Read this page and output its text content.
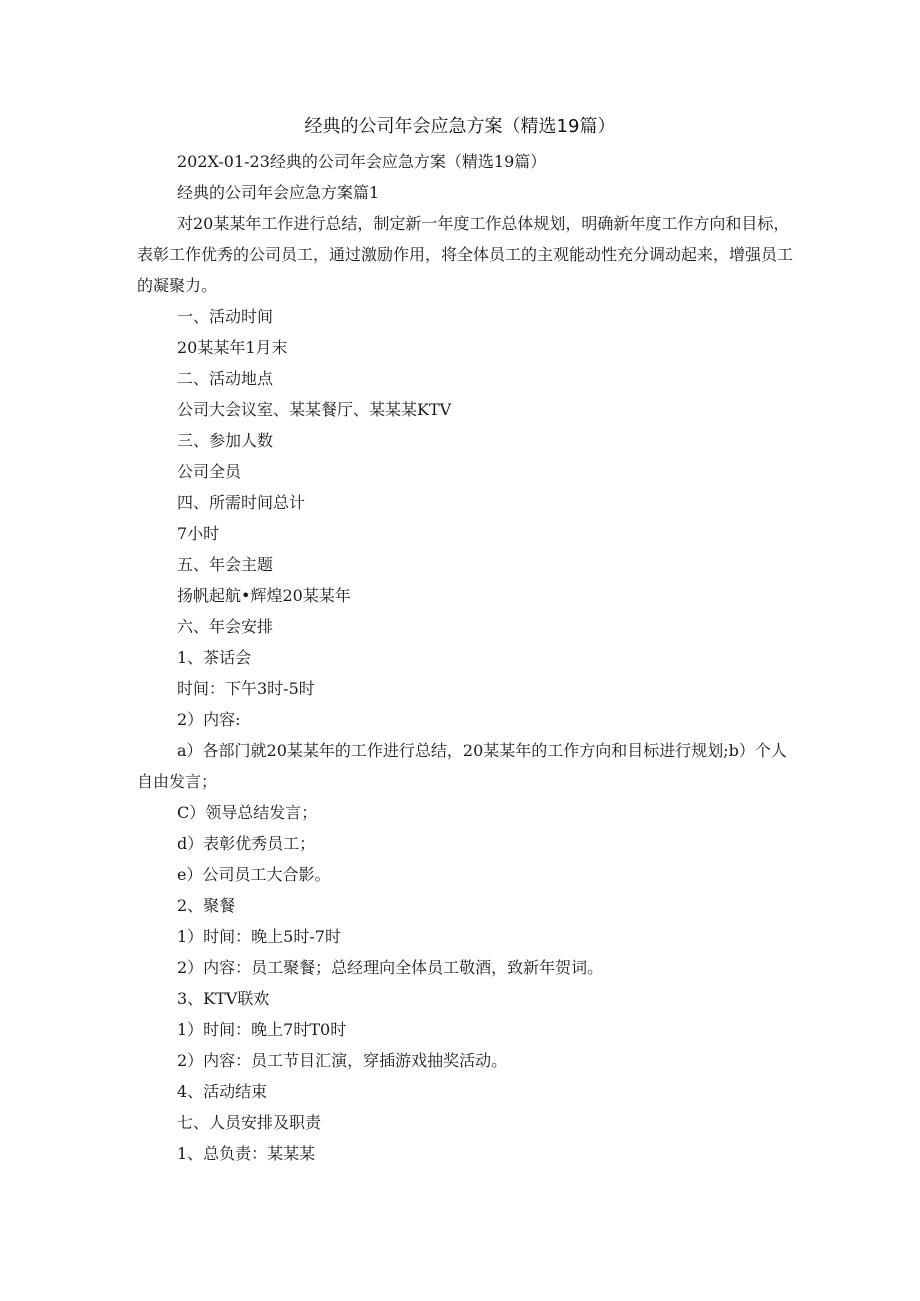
经典的公司年会应急方案（精选19篇）

202X-01-23经典的公司年会应急方案（精选19篇）

经典的公司年会应急方案篇1

对20某某年工作进行总结，制定新一年度工作总体规划，明确新年度工作方向和目标，表彰工作优秀的公司员工，通过激励作用，将全体员工的主观能动性充分调动起来，增强员工的凝聚力。

一、活动时间

20某某年1月末

二、活动地点

公司大会议室、某某餐厅、某某某KTV

三、参加人数

公司全员

四、所需时间总计

7小时

五、年会主题

扬帆起航•辉煌20某某年

六、年会安排

1、茶话会

时间：下午3时-5时

2）内容:

a）各部门就20某某年的工作进行总结，20某某年的工作方向和目标进行规划;b）个人自由发言；

C）领导总结发言；

d）表彰优秀员工；

e）公司员工大合影。

2、聚餐

1）时间：晚上5时-7时

2）内容：员工聚餐；总经理向全体员工敬酒，致新年贺词。

3、KTV联欢

1）时间：晚上7时T0时

2）内容：员工节目汇演，穿插游戏抽奖活动。

4、活动结束

七、人员安排及职责

1、总负责：某某某
